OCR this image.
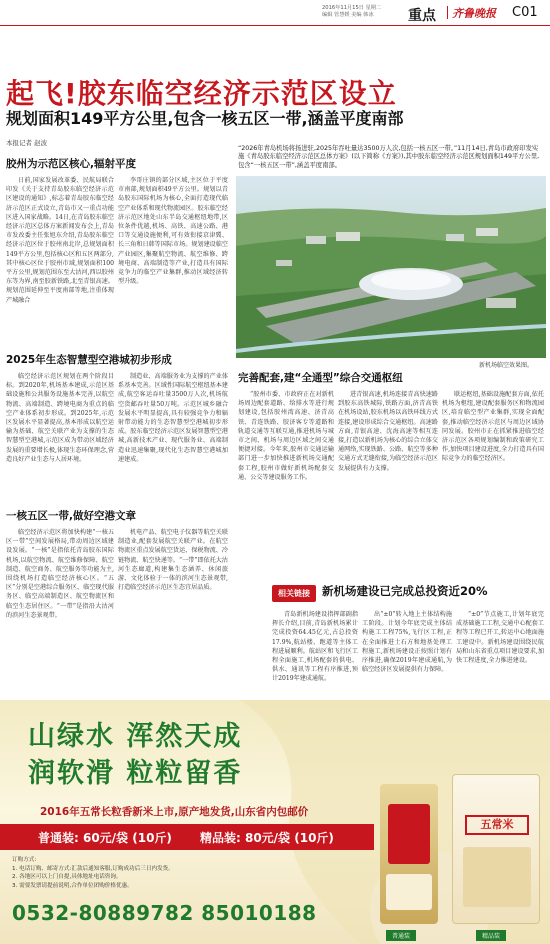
2016年11月15日 星期二
编辑 管慧媛 美编 韩冰	重点 齐鲁晚报 C01
起飞!胶东临空经济示范区设立
规划面积149平方公里,包含一核五区一带,涵盖平度南部
本报记者 赵波
“2026年青岛机场将扬进驻,2025年吞吐量达3500万人次,包括一核五区一带。”11月14日,青岛市政府印发实施《青岛胶东临空经济示范区总体方案》(以下简称《方案》),其中胶东临空经济示范区规划面积149平方公里,包含“一核五区一带”,涵盖平度南部。
胶州为示范区核心,辐射平度
日前,国家发展改革委、民航局联合印发《关于支持青岛胶东临空经济示范区建设的通知》,标志着青岛胶东临空经济示范区正式设立,青岛市又一重点功能区进入国家战略。14日,在青岛胶东临空经济示范区总体方案新闻发布会上,青岛市发改委主任张旭东介绍,青岛胶东临空经济示范区位于胶州南北岸,总规划面积149平方公里,包括核心区和五区两部分,其中核心区位于胶州市域,规划面积100平方公里,规划范围东至大沽河,西以胶州东等为界,南至胶新铁路,北至青银高速。规划范围延伸至平度南部等地,注重体现产城融合
李哥庄镇的部分区域,主区位于平度市南部,规划面积49平方公里。规划以青岛胶东国际机场为核心,全面打造现代临空产业体系和现代物流园区。胶东临空经济示范区地处山东半岛交通枢纽地带,区位条件优越,机场、高铁、高速公路、港口等交通设施便利,可有效衔接京津冀、长三角和日韩等国际市场。规划建设临空产业园区,集聚航空物流、航空维修、跨境电商、高端制造等产业,打造具有国际竞争力的临空产业集群,推动区域经济转型升级。
新机场临空效果图。
2025年生态智慧型空港城初步形成
临空经济示范区规划在两个阶段目标。到2020年,机场基本建成,示范区基础设施和公共服务设施基本完善,以航空物流、高端制造、跨境电商为重点的临空产业体系初步形成。到2025年,示范区发展水平显著提高,基本形成以航空运输为基础、航空关联产业为支撑的生态智慧型空港城,示范区成为带动区域经济发展的重要增长极,体现生态环保理念,营造良好产业生态与人居环境。
制造业、高端服务业为支撑的产业体系基本完善。区域性国际航空枢纽基本建成,航空客运吞吐量3500万人次,机场航空货邮吞吐量50万吨。示范区城乡融合发展水平明显提高,具有较强竞争力和辐射带动能力的生态智慧型空港城初步形成。胶东临空经济示范区发展智慧型空港城,高新技术产业、现代服务业、高端制造业迅速集聚,现代化生态智慧空港城加速建成。
一核五区一带,做好空港文章
临空经济示范区将加快构建“一核五区一带”空间发展格局,带动周边区域建设发展。“一核”是指依托青岛胶东国际机场,以航空物流、航空维修保障、航空制造、航空商务、航空服务等功能为主,围绕机场打造临空经济核心区。“五区”分别是空港综合服务区、临空现代服务区、临空高端制造区、航空物流区和临空生态居住区。“一带”是指沿大沽河的滨河生态景观带。
机电产品、航空电子仪器等航空关联制造业,配套发展航空关联产业。在航空物流区重点发展航空货运、保税物流、冷链物流、航空快递等。“一带”即依托大沽河生态廊道,构建集生态涵养、休闲旅游、文化体验于一体的滨河生态景观带,打造临空经济示范区生态宜居品质。
完善配套,建“全通型”综合交通枢纽
“胶州市委、市政府正在对新机场周边配套道路、给排水等进行规划建设,包括胶州湾高速、济青高铁、青连铁路、胶济客专等道路和轨道交通等互联互通,推进机场与城市之间、机场与周边区域之间交通便捷对接。今年来,胶州市交通运输部门进一步加快推进新机场交通配套工程,胶州市做好新机场配套交通、公交等建设服务工作。
进青银高速,机场连接青高快速路到胶东高铁城际,铁路方面,济青高铁在机场设站,胶东机场以高铁环线方式连接,建设形成综合交通枢纽。高速路方面,青银高速、沈海高速等相互连接,打造以新机场为核心的综合立体交通网络,实现铁路、公路、航空等多种交通方式无缝衔接,为临空经济示范区发展提供有力支撑。
联运枢纽,基础设施配套方面,依托机场为枢纽,建设配套服务区和物流园区,培育临空型产业集群,实现全面配套,推动临空经济示范区与周边区域协同发展。胶州市正在抓紧推进临空经济示范区各项规划编制和政策研究工作,加快项目建设进度,全力打造具有国际竞争力的临空经济区。
相关链接	新机场建设已完成总投资近20%
青岛新机场建设指挥部副指挥长介绍,目前,青岛新机场累计完成投资64.45亿元,占总投资17.9%,航站楼、跑道等主体工程进展顺利。航站区和飞行区工程全面施工,机场配套的供电、供水、通讯等工程有序推进,预计2019年建成通航。
出“±0”转入地上主体结构施工阶段。计划今年底完成主体结构施工工程75%,飞行区工程,正在全面推进土石方和地基处理工程施工,新机场建设正按照计划有序推进,确保2019年建成通航,为临空经济区发展提供有力保障。
“±0”节点施工,计划年底完成基础施工工程,交通中心配套工程等工程已开工,转运中心地面施工建设中。新机场建设围绕民航局和山东省重点项目建设要求,加快工程进度,全力推进建设。
山绿水 浑然天成
润软滑 粒粒留香
2016年五常长粒香新米上市,原产地发货,山东省内包邮价
普通装: 60元/袋 (10斤) 精品装: 80元/袋 (10斤)
订购方式:
1. 电话订购、邮寄方式:汇款后通知客服,订购成功后三日内发货。
2. 各地区可以上门自提,具体地址电话咨询。
3. 需要发票请提前说明,合作单位团购价格优惠。
0532-80889782 85010188
普通装
五常米
精品装
